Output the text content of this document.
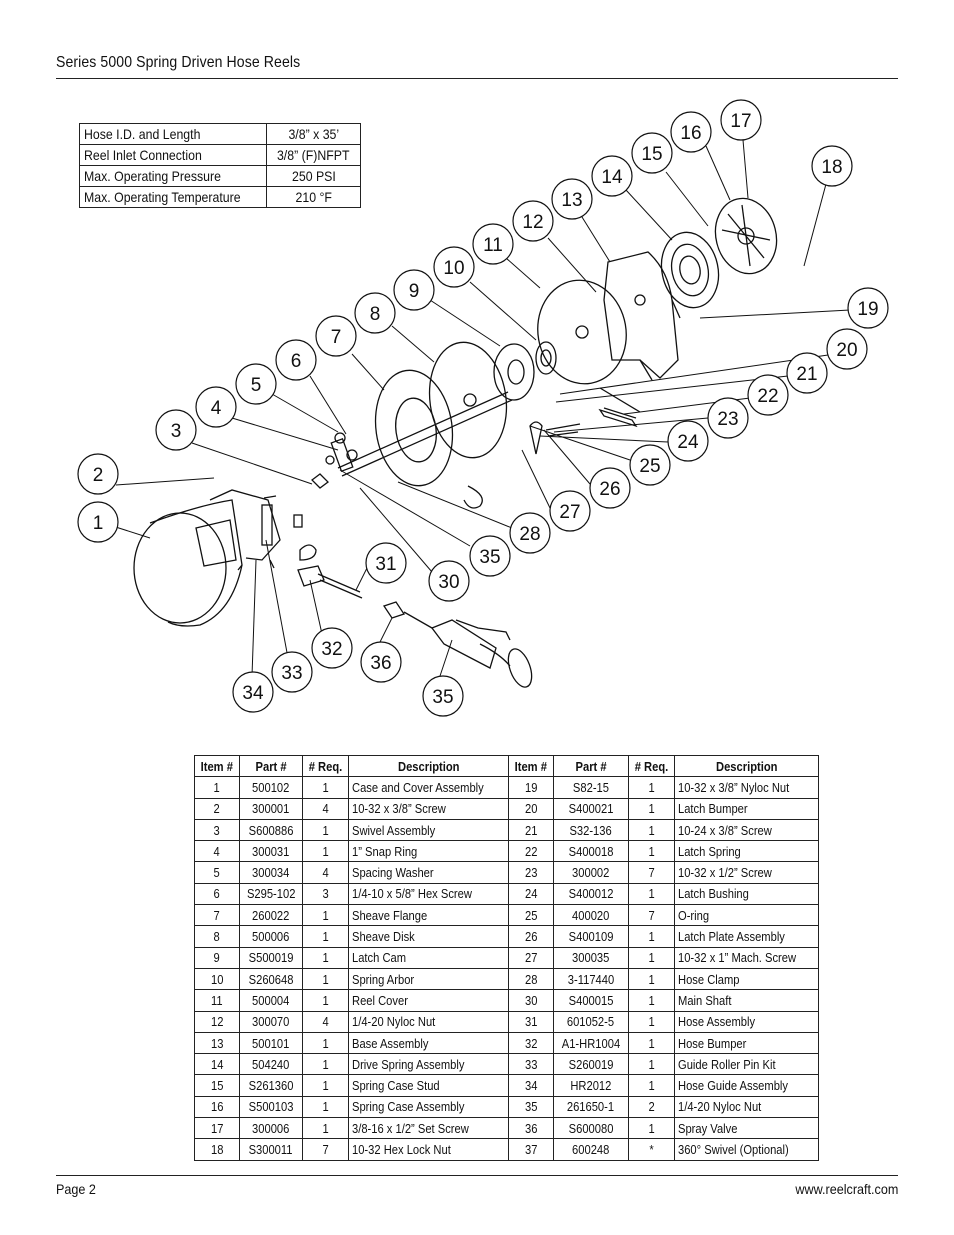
Series 5000 Spring Driven Hose Reels
Hose I.D. and Length	3/8” x 35’
Reel Inlet Connection	3/8” (F)NFPT
Max. Operating Pressure	250 PSI
Max. Operating Temperature	210 °F
1
2
3
4
5
6
7
8
9
10
11
12
13
14
15
16
17
18
19
20
21
22
23
24
25
26
27
28
35
31
30
32
36
33
34	35
Item #	Part #	# Req.	Description	Item #	Part #	# Req.	Description
1	500102	1	Case and Cover Assembly	19	S82-15	1	10-32 x 3/8” Nyloc Nut
2	300001	4	10-32 x 3/8” Screw	20	S400021	1	Latch Bumper
3	S600886	1	Swivel Assembly	21	S32-136	1	10-24 x 3/8” Screw
4	300031	1	1” Snap Ring	22	S400018	1	Latch Spring
5	300034	4	Spacing Washer	23	300002	7	10-32 x 1/2” Screw
6	S295-102	3	1/4-10 x 5/8” Hex Screw	24	S400012	1	Latch Bushing
7	260022	1	Sheave Flange	25	400020	7	O-ring
8	500006	1	Sheave Disk	26	S400109	1	Latch Plate Assembly
9	S500019	1	Latch Cam	27	300035	1	10-32 x 1” Mach. Screw
10	S260648	1	Spring Arbor	28	3-117440	1	Hose Clamp
11	500004	1	Reel Cover	30	S400015	1	Main Shaft
12	300070	4	1/4-20 Nyloc Nut	31	601052-5	1	Hose Assembly
13	500101	1	Base Assembly	32	A1-HR1004	1	Hose Bumper
14	504240	1	Drive Spring Assembly	33	S260019	1	Guide Roller Pin Kit
15	S261360	1	Spring Case Stud	34	HR2012	1	Hose Guide Assembly
16	S500103	1	Spring Case Assembly	35	261650-1	2	1/4-20 Nyloc Nut
17	300006	1	3/8-16 x 1/2” Set Screw	36	S600080	1	Spray Valve
18	S300011	7	10-32 Hex Lock Nut	37	600248	*	360° Swivel (Optional)
Page 2	www.reelcraft.com
